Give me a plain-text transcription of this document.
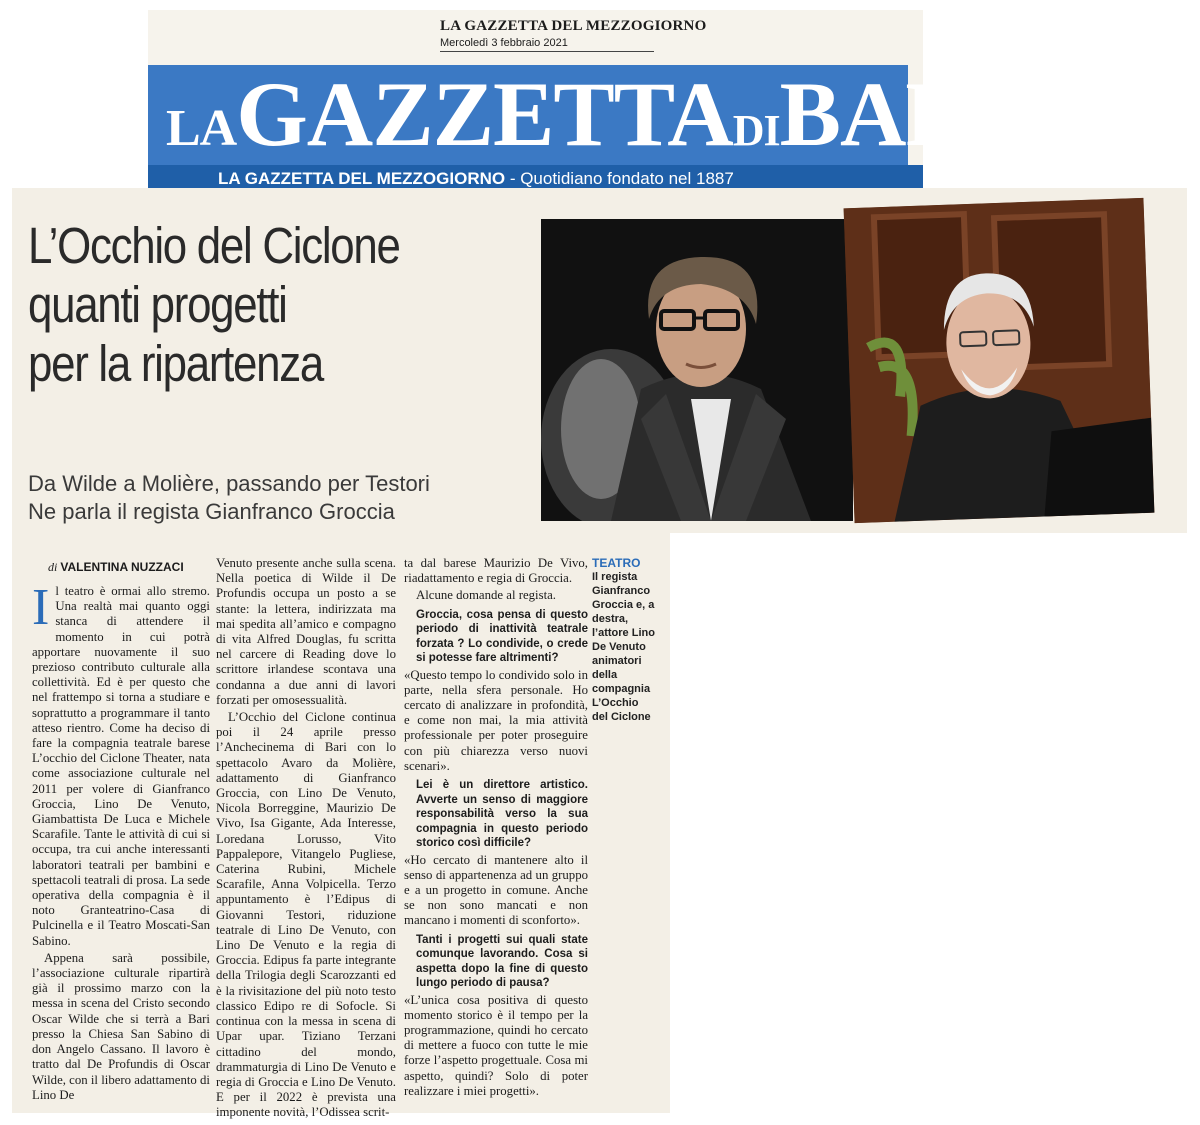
LA GAZZETTA DEL MEZZOGIORNO
Mercoledì 3 febbraio 2021
LAGAZZETTADIBARI
LA GAZZETTA DEL MEZZOGIORNO - Quotidiano fondato nel 1887
L’Occhio del Ciclone
quanti progetti
per la ripartenza
Da Wilde a Molière, passando per Testori
Ne parla il regista Gianfranco Groccia
TEATRO
Il regista
Gianfranco
Groccia e, a
destra,
l’attore Lino
De Venuto
animatori
della
compagnia
L’Occhio
del Ciclone
di VALENTINA NUZZACI
I l teatro è ormai allo stremo. Una realtà mai quanto oggi stanca di attendere il momento in cui potrà apportare nuovamente il suo prezioso contributo culturale alla collettività. Ed è per questo che nel frattempo si torna a studiare e soprattutto a programmare il tanto atteso rientro. Come ha deciso di fare la compagnia teatrale barese L’occhio del Ciclone Theater, nata come associazione culturale nel 2011 per volere di Gianfranco Groccia, Lino De Venuto, Giambattista De Luca e Michele Scarafile. Tante le attività di cui si occupa, tra cui anche interessanti laboratori teatrali per bambini e spettacoli teatrali di prosa. La sede operativa della compagnia è il noto Granteatrino-Casa di Pulcinella e il Teatro Moscati-San Sabino.

Appena sarà possibile, l’associazione culturale ripartirà già il prossimo marzo con la messa in scena del Cristo secondo Oscar Wilde che si terrà a Bari presso la Chiesa San Sabino di don Angelo Cassano. Il lavoro è tratto dal De Profundis di Oscar Wilde, con il libero adattamento di Lino De

Venuto presente anche sulla scena. Nella poetica di Wilde il De Profundis occupa un posto a se stante: la lettera, indirizzata ma mai spedita all’amico e compagno di vita Alfred Douglas, fu scritta nel carcere di Reading dove lo scrittore irlandese scontava una condanna a due anni di lavori forzati per omosessualità.

L’Occhio del Ciclone continua poi il 24 aprile presso l’Anchecinema di Bari con lo spettacolo Avaro da Molière, adattamento di Gianfranco Groccia, con Lino De Venuto, Nicola Borreggine, Maurizio De Vivo, Isa Gigante, Ada Interesse, Loredana Lorusso, Vito Pappalepore, Vitangelo Pugliese, Caterina Rubini, Michele Scarafile, Anna Volpicella. Terzo appuntamento è l’Edipus di Giovanni Testori, riduzione teatrale di Lino De Venuto, con Lino De Venuto e la regia di Groccia. Edipus fa parte integrante della Trilogia degli Scarozzanti ed è la rivisitazione del più noto testo classico Edipo re di Sofocle. Si continua con la messa in scena di Upar upar. Tiziano Terzani cittadino del mondo, drammaturgia di Lino De Venuto e regia di Groccia e Lino De Venuto. E per il 2022 è prevista una imponente novità, l’Odissea scrit-

ta dal barese Maurizio De Vivo, riadattamento e regia di Groccia.

Alcune domande al regista.

Groccia, cosa pensa di questo periodo di inattività teatrale forzata ? Lo condivide, o crede si potesse fare altrimenti?

«Questo tempo lo condivido solo in parte, nella sfera personale. Ho cercato di analizzare in profondità, e come non mai, la mia attività professionale per poter proseguire con più chiarezza verso nuovi scenari».

Lei è un direttore artistico. Avverte un senso di maggiore responsabilità verso la sua compagnia in questo periodo storico così difficile?

«Ho cercato di mantenere alto il senso di appartenenza ad un gruppo e a un progetto in comune. Anche se non sono mancati e non mancano i momenti di sconforto».

Tanti i progetti sui quali state comunque lavorando. Cosa si aspetta dopo la fine di questo lungo periodo di pausa?

«L’unica cosa positiva di questo momento storico è il tempo per la programmazione, quindi ho cercato di mettere a fuoco con tutte le mie forze l’aspetto progettuale. Cosa mi aspetto, quindi? Solo di poter realizzare i miei progetti».
